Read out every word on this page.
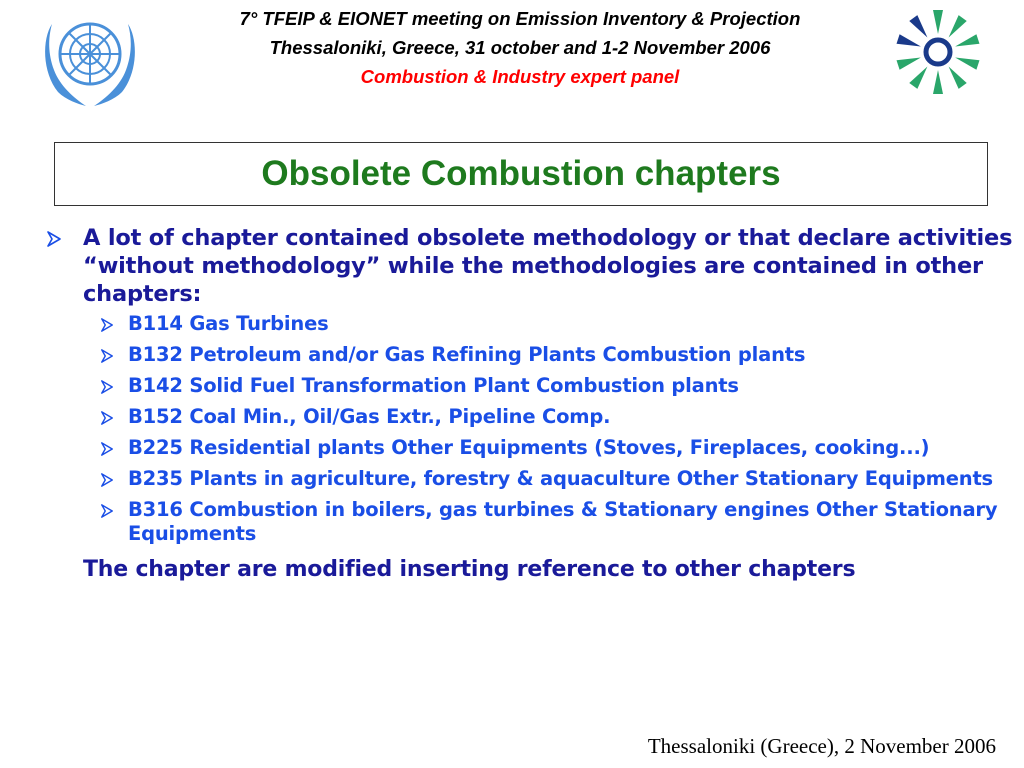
7° TFEIP & EIONET meeting on Emission Inventory & Projection
Thessaloniki, Greece, 31 october and 1-2 November 2006
Combustion & Industry expert panel
Obsolete Combustion chapters
A lot of chapter contained obsolete methodology or that declare activities “without methodology” while the methodologies are contained in other chapters:
B114 Gas Turbines
B132 Petroleum and/or Gas Refining Plants Combustion plants
B142 Solid Fuel Transformation Plant Combustion plants
B152 Coal Min., Oil/Gas Extr., Pipeline Comp.
B225 Residential plants Other Equipments (Stoves, Fireplaces, cooking...)
B235 Plants in agriculture, forestry & aquaculture Other Stationary Equipments
B316 Combustion in boilers, gas turbines & Stationary engines Other Stationary Equipments
The chapter are modified inserting reference to other chapters
Thessaloniki (Greece), 2 November 2006
